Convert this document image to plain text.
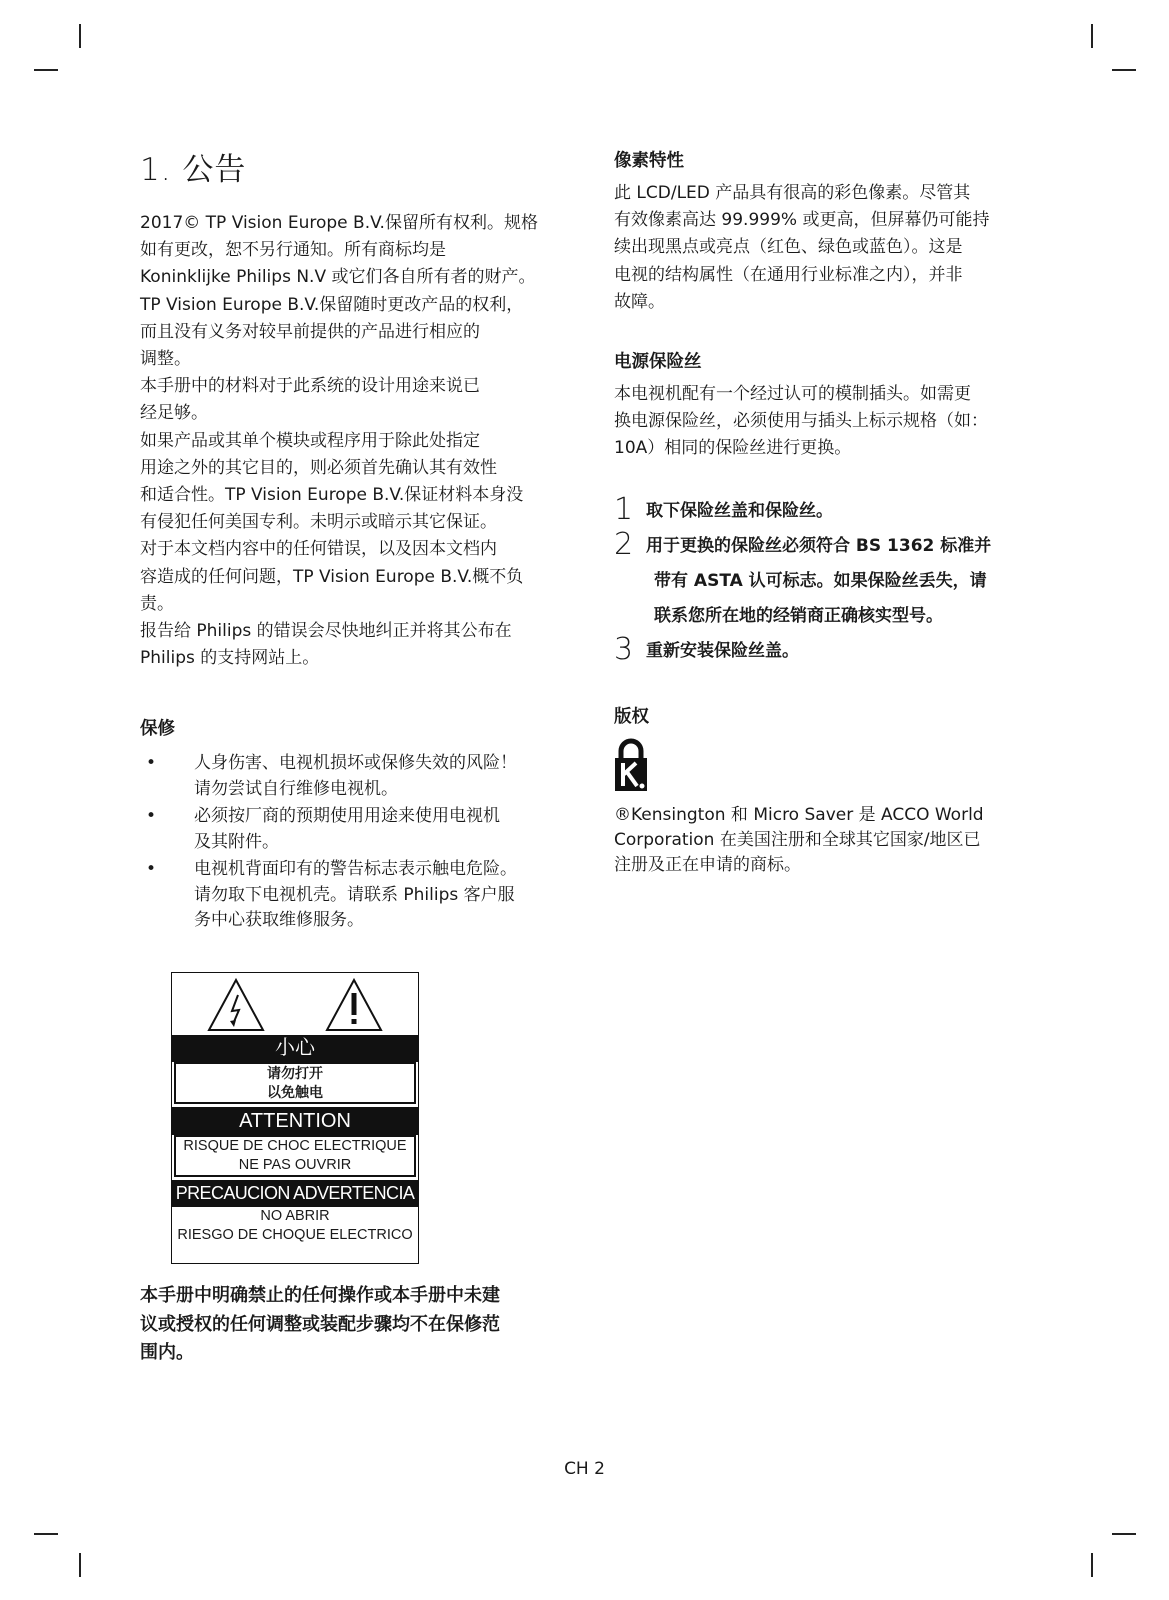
1. 公告
2017© TP Vision Europe B.V.保留所有权利。规格
如有更改，恕不另行通知。所有商标均是
Koninklijke Philips N.V 或它们各自所有者的财产。
TP Vision Europe B.V.保留随时更改产品的权利，
而且没有义务对较早前提供的产品进行相应的
调整。
本手册中的材料对于此系统的设计用途来说已
经足够。
如果产品或其单个模块或程序用于除此处指定
用途之外的其它目的，则必须首先确认其有效性
和适合性。TP Vision Europe B.V.保证材料本身没
有侵犯任何美国专利。未明示或暗示其它保证。
对于本文档内容中的任何错误，以及因本文档内
容造成的任何问题，TP Vision Europe B.V.概不负
责。
报告给 Philips 的错误会尽快地纠正并将其公布在
Philips 的支持网站上。
保修
• 人身伤害、电视机损坏或保修失效的风险！
请勿尝试自行维修电视机。
• 必须按厂商的预期使用用途来使用电视机
及其附件。
• 电视机背面印有的警告标志表示触电危险。
请勿取下电视机壳。请联系 Philips 客户服
务中心获取维修服务。
小心
请勿打开
以免触电
ATTENTION
RISQUE DE CHOC ELECTRIQUE
NE PAS OUVRIR
PRECAUCION ADVERTENCIA
NO ABRIR
RIESGO DE CHOQUE ELECTRICO
本手册中明确禁止的任何操作或本手册中未建
议或授权的任何调整或装配步骤均不在保修范
围内。
像素特性
此 LCD/LED 产品具有很高的彩色像素。尽管其
有效像素高达 99.999% 或更高，但屏幕仍可能持
续出现黑点或亮点（红色、绿色或蓝色）。这是
电视的结构属性（在通用行业标准之内），并非
故障。
电源保险丝
本电视机配有一个经过认可的模制插头。如需更
换电源保险丝，必须使用与插头上标示规格（如：
10A）相同的保险丝进行更换。
1 取下保险丝盖和保险丝。
2 用于更换的保险丝必须符合 BS 1362 标准并
带有 ASTA 认可标志。如果保险丝丢失，请
联系您所在地的经销商正确核实型号。
3 重新安装保险丝盖。
版权
®Kensington 和 Micro Saver 是 ACCO World
Corporation 在美国注册和全球其它国家/地区已
注册及正在申请的商标。
CH 2
